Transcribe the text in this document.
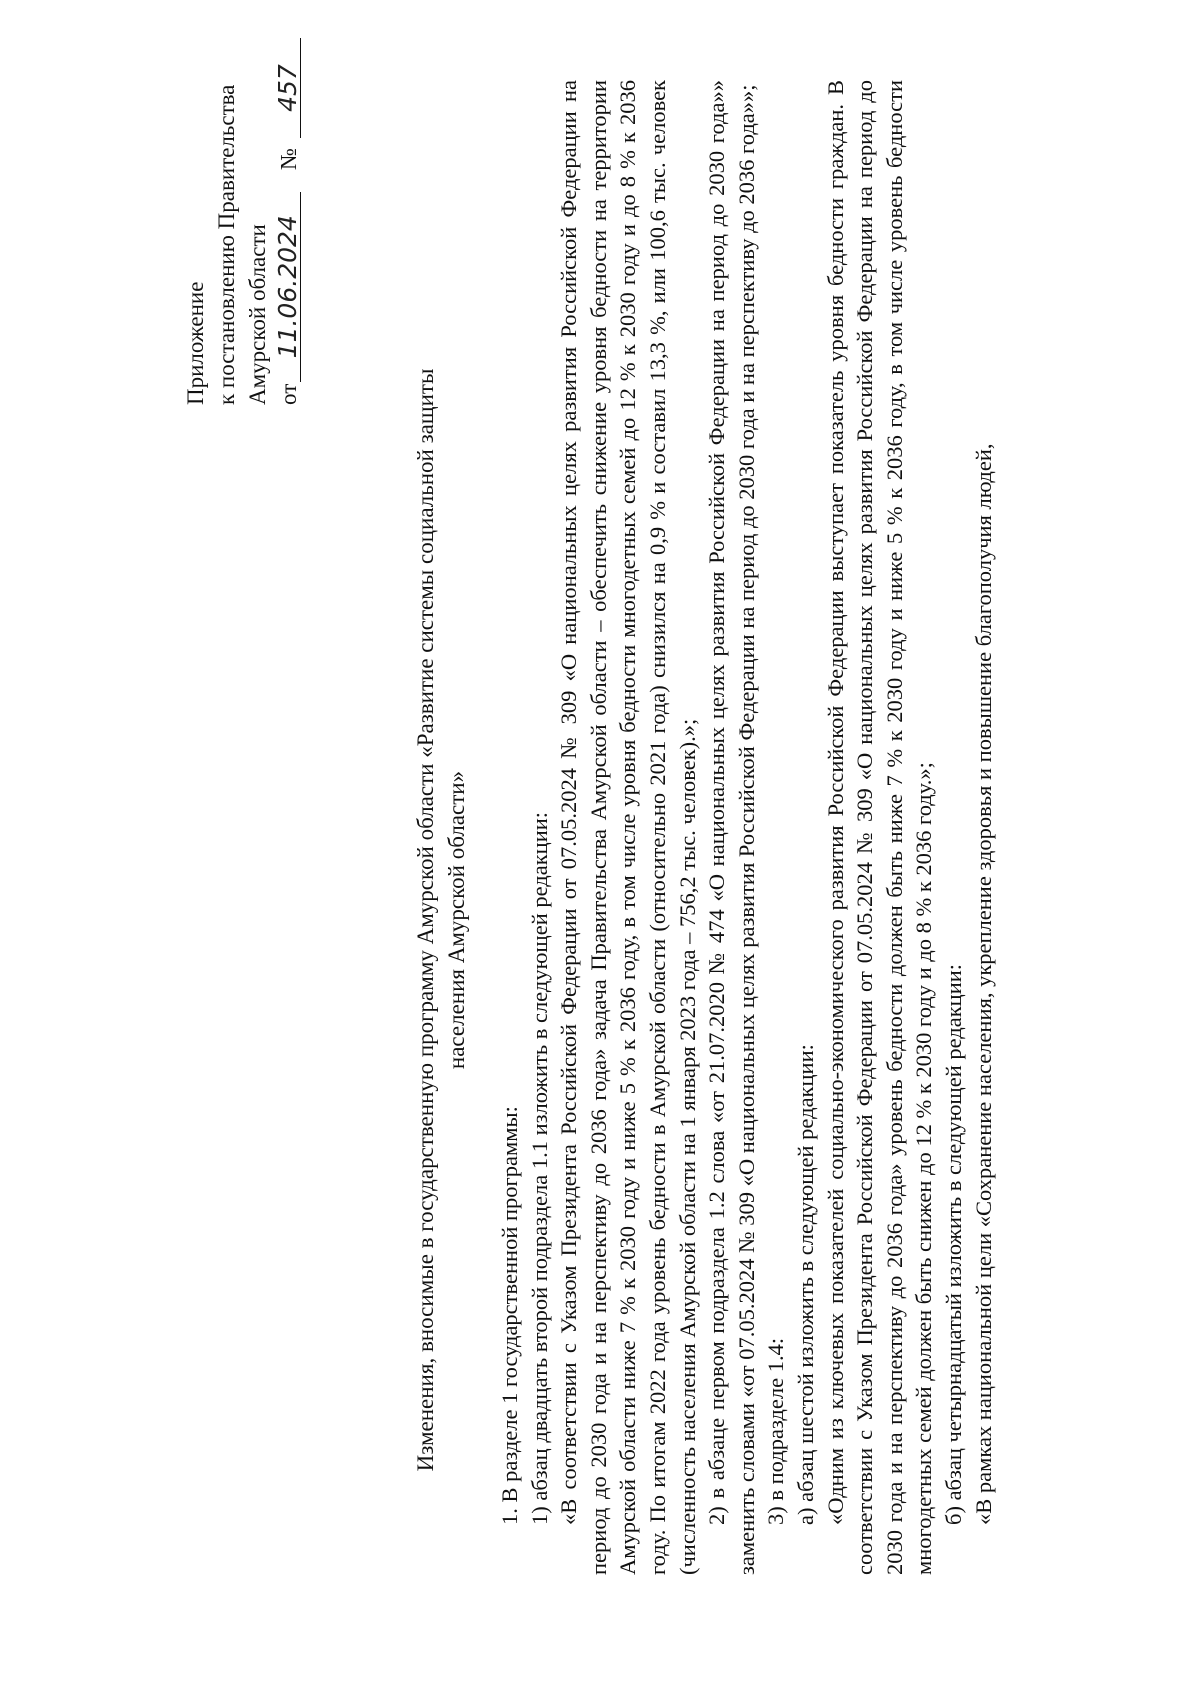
Приложение к постановлению Правительства Амурской области от11.06.2024 №457
Изменения, вносимые в государственную программу Амурской области «Развитие системы социальной защиты населения Амурской области»

1. В разделе 1 государственной программы: 1) абзац двадцать второй подраздела 1.1 изложить в следующей редакции: «В соответствии с Указом Президента Российской Федерации от 07.05.2024 № 309 «О национальных целях развития Российской Федерации на период до 2030 года и на перспективу до 2036 года» задача Правительства Амурской области – обеспечить снижение уровня бедности на территории Амурской области ниже 7 % к 2030 году и ниже 5 % к 2036 году, в том числе уровня бедности многодетных семей до 12 % к 2030 году и до 8 % к 2036 году. По итогам 2022 года уровень бедности в Амурской области (относительно 2021 года) снизился на 0,9 % и составил 13,3 %, или 100,6 тыс. человек (численность населения Амурской области на 1 января 2023 года – 756,2 тыс. человек).»; 2) в абзаце первом подраздела 1.2 слова «от 21.07.2020 № 474 «О национальных целях развития Российской Федерации на период до 2030 года»» заменить словами «от 07.05.2024 № 309 «О национальных целях развития Российской Федерации на период до 2030 года и на перспективу до 2036 года»»; 3) в подразделе 1.4: а) абзац шестой изложить в следующей редакции: «Одним из ключевых показателей социально-экономического развития Российской Федерации выступает показатель уровня бедности граждан. В соответствии с Указом Президента Российской Федерации от 07.05.2024 № 309 «О национальных целях развития Российской Федерации на период до 2030 года и на перспективу до 2036 года» уровень бедности должен быть ниже 7 % к 2030 году и ниже 5 % к 2036 году, в том числе уровень бедности многодетных семей должен быть снижен до 12 % к 2030 году и до 8 % к 2036 году.»; б) абзац четырнадцатый изложить в следующей редакции: «В рамках национальной цели «Сохранение населения, укрепление здоровья и повышение благополучия людей,
